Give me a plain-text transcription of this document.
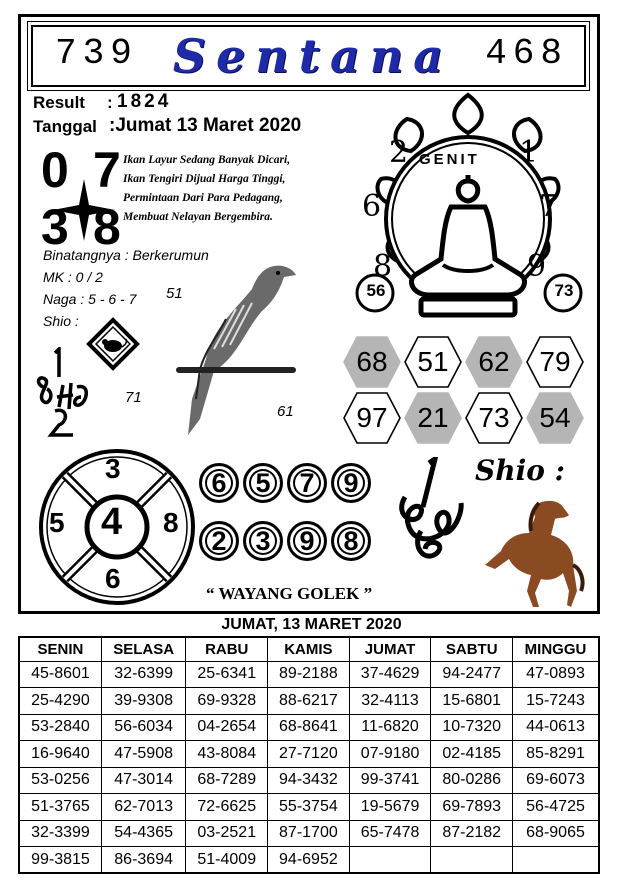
739 Sentana 468
Result : 1824
Tanggal :Jumat 13 Maret 2020
0 7
3 8
Ikan Layur Sedang Banyak Dicari,
Ikan Tengiri Dijual Harga Tinggi,
Permintaan Dari Para Pedagang,
Membuat Nelayan Bergembira.
Binatangnya : Berkerumun
MK : 0 / 2
Naga : 5 - 6 - 7
Shio :
51
71
61
GENIT
2	1
6	7
8	9
56	73
68 51 62 79
97 21 73 54
3
5 4 8
6
6	5	7	9
2	3	9	8
“ WAYANG GOLEK ”
Shio :
JUMAT, 13 MARET 2020
SENIN	SELASA	RABU	KAMIS	JUMAT	SABTU	MINGGU
45-8601	32-6399	25-6341	89-2188	37-4629	94-2477	47-0893
25-4290	39-9308	69-9328	88-6217	32-4113	15-6801	15-7243
53-2840	56-6034	04-2654	68-8641	11-6820	10-7320	44-0613
16-9640	47-5908	43-8084	27-7120	07-9180	02-4185	85-8291
53-0256	47-3014	68-7289	94-3432	99-3741	80-0286	69-6073
51-3765	62-7013	72-6625	55-3754	19-5679	69-7893	56-4725
32-3399	54-4365	03-2521	87-1700	65-7478	87-2182	68-9065
99-3815	86-3694	51-4009	94-6952			
